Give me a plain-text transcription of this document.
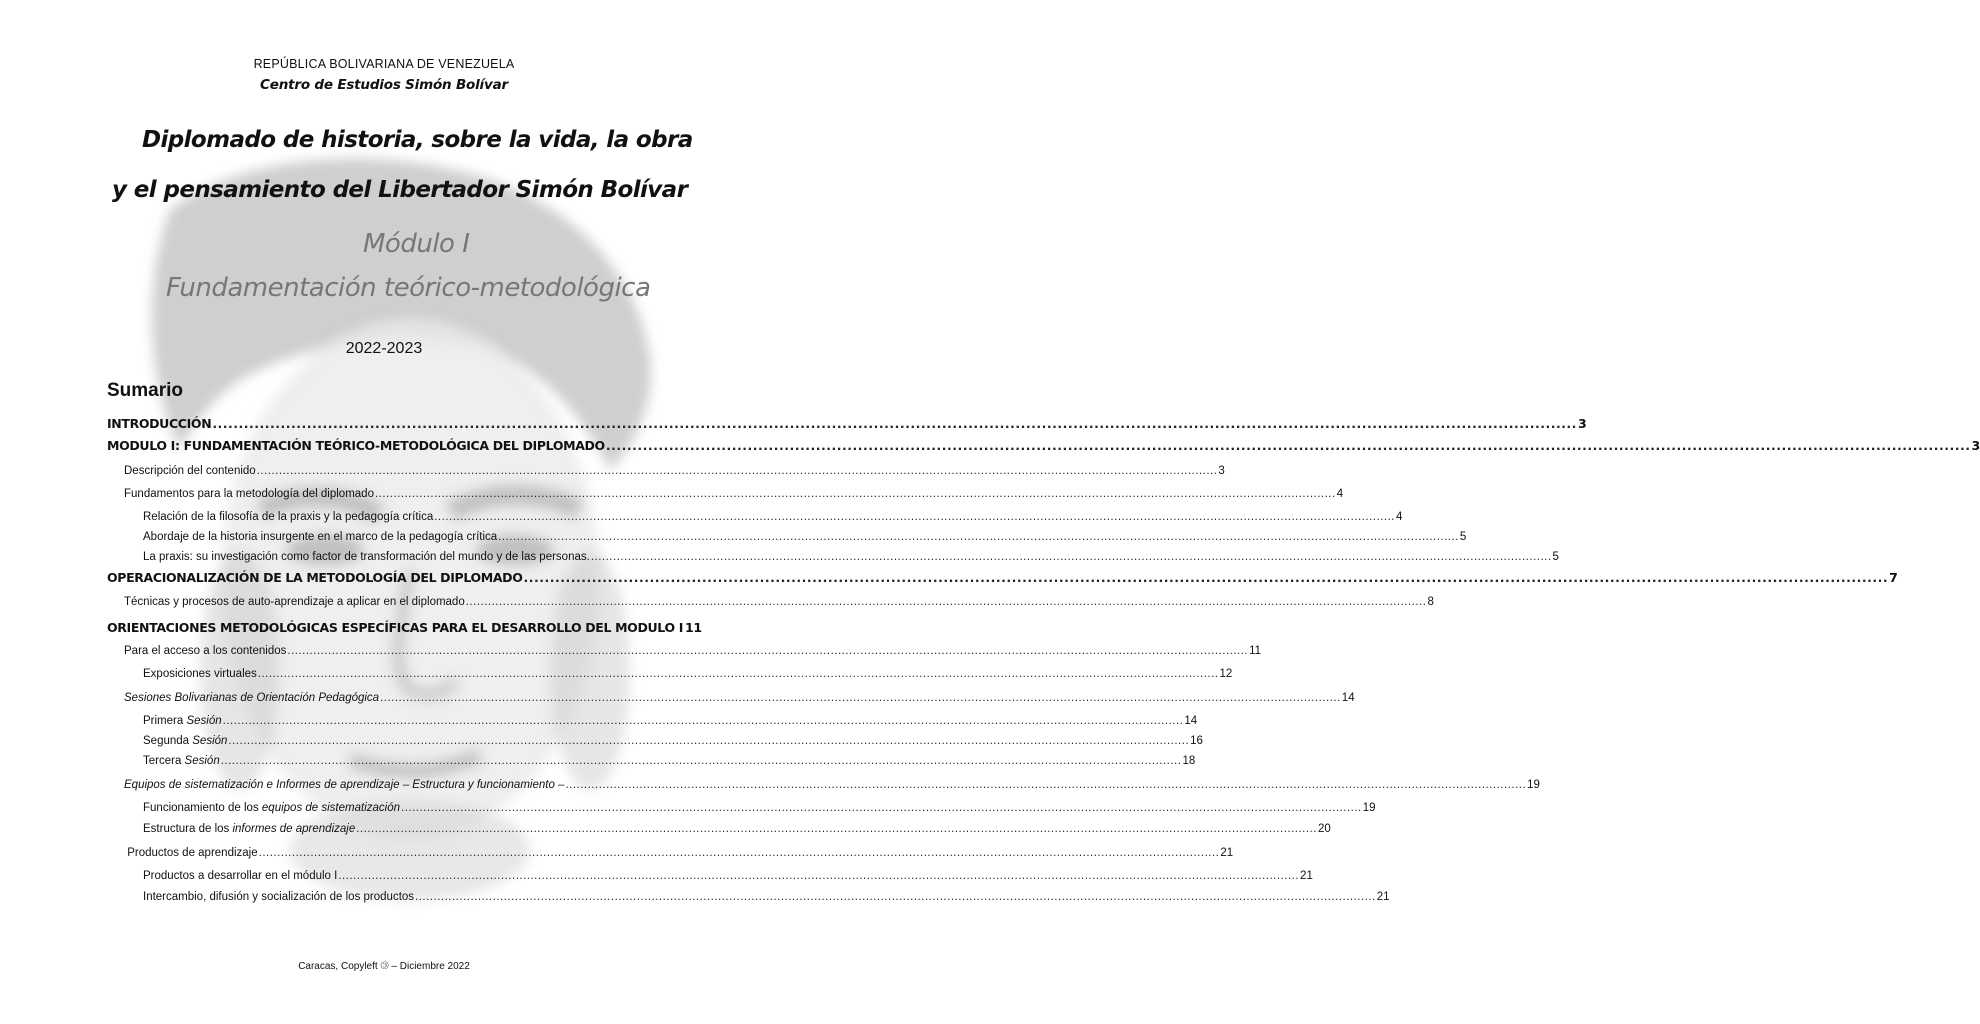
REPÚBLICA BOLIVARIANA DE VENEZUELA
Centro de Estudios Simón Bolívar
Diplomado de historia, sobre la vida, la obra
y el pensamiento del Libertador Simón Bolívar
Módulo I
Fundamentación teórico-metodológica
2022-2023
Sumario
INTRODUCCIÓN .....	3
MODULO I: FUNDAMENTACIÓN TEÓRICO-METODOLÓGICA DEL DIPLOMADO .....	3
Descripción del contenido .....	3
Fundamentos para la metodología del diplomado .....	4
Relación de la filosofía de la praxis y la pedagogía crítica .....	4
Abordaje de la historia insurgente en el marco de la pedagogía crítica .....	5
La praxis: su investigación como factor de transformación del mundo y de las personas. .....	5
OPERACIONALIZACIÓN DE LA METODOLOGÍA DEL DIPLOMADO .....	7
Técnicas y procesos de auto-aprendizaje a aplicar en el diplomado .....	8
ORIENTACIONES METODOLÓGICAS ESPECÍFICAS PARA EL DESARROLLO DEL MODULO I 11
Para el acceso a los contenidos .....	11
Exposiciones virtuales .....	12
Sesiones Bolivarianas de Orientación Pedagógica .....	14
Primera Sesión .....	14
Segunda Sesión .....	16
Tercera Sesión .....	18
Equipos de sistematización e Informes de aprendizaje – Estructura y funcionamiento – .....	19
Funcionamiento de los equipos de sistematización .....	19
Estructura de los informes de aprendizaje .....	20
Productos de aprendizaje .....	21
Productos a desarrollar en el módulo I .....	21
Intercambio, difusión y socialización de los productos .....	21
Caracas, Copyleft 🄯 – Diciembre 2022
